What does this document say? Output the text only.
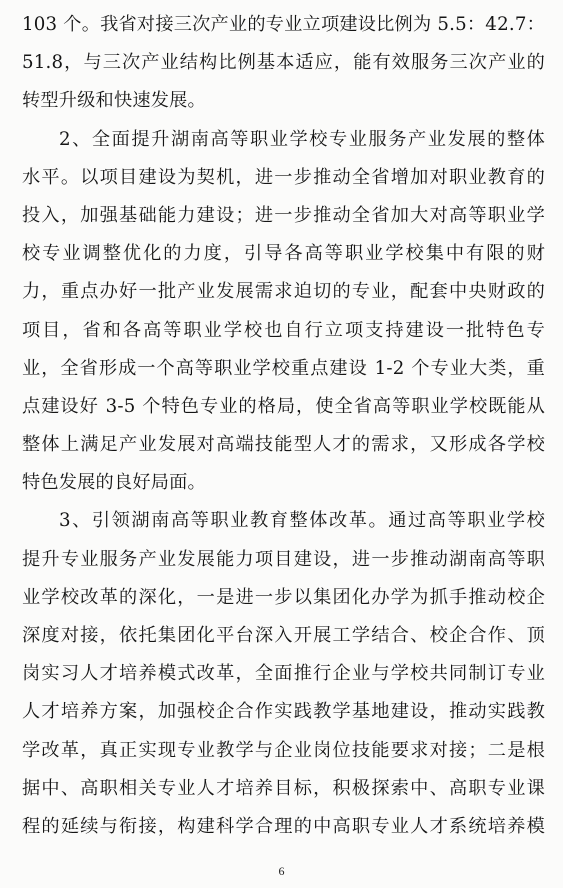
103 个。我省对接三次产业的专业立项建设比例为 5.5：42.7：
51.8，与三次产业结构比例基本适应，能有效服务三次产业的
转型升级和快速发展。
2、全面提升湖南高等职业学校专业服务产业发展的整体
水平。以项目建设为契机，进一步推动全省增加对职业教育的
投入，加强基础能力建设；进一步推动全省加大对高等职业学
校专业调整优化的力度，引导各高等职业学校集中有限的财
力，重点办好一批产业发展需求迫切的专业，配套中央财政的
项目，省和各高等职业学校也自行立项支持建设一批特色专
业，全省形成一个高等职业学校重点建设 1-2 个专业大类，重
点建设好 3-5 个特色专业的格局，使全省高等职业学校既能从
整体上满足产业发展对高端技能型人才的需求，又形成各学校
特色发展的良好局面。
3、引领湖南高等职业教育整体改革。通过高等职业学校
提升专业服务产业发展能力项目建设，进一步推动湖南高等职
业学校改革的深化，一是进一步以集团化办学为抓手推动校企
深度对接，依托集团化平台深入开展工学结合、校企合作、顶
岗实习人才培养模式改革，全面推行企业与学校共同制订专业
人才培养方案，加强校企合作实践教学基地建设，推动实践教
学改革，真正实现专业教学与企业岗位技能要求对接；二是根
据中、高职相关专业人才培养目标，积极探索中、高职专业课
程的延续与衔接，构建科学合理的中高职专业人才系统培养模
6
